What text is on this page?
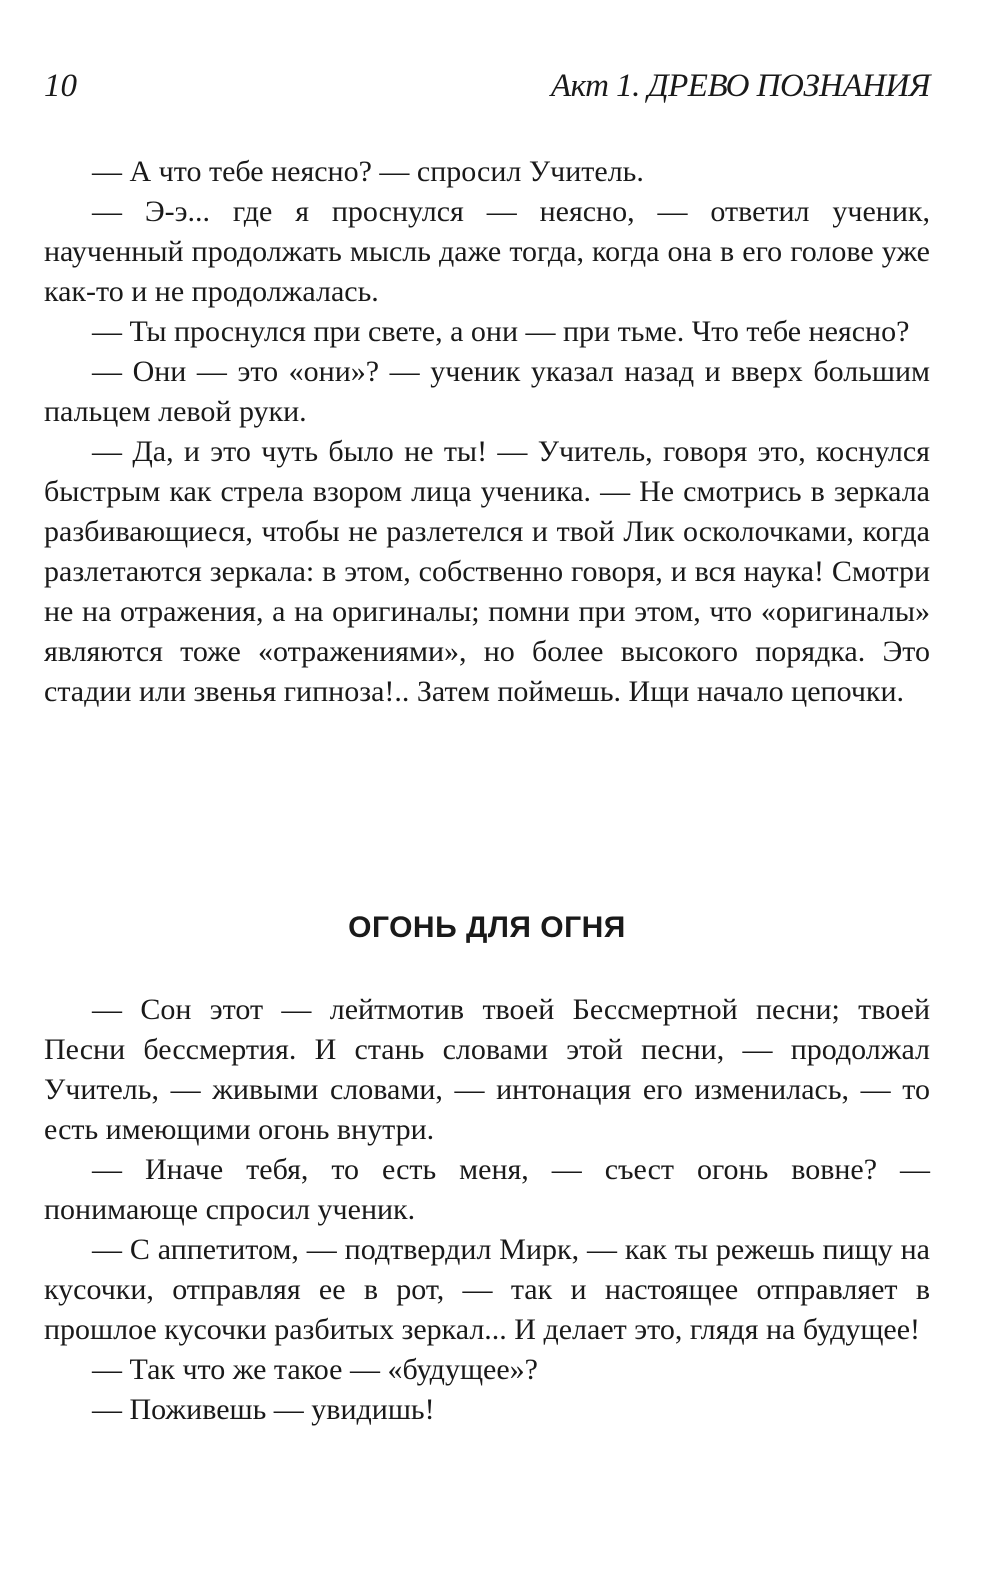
10	Акт 1. ДРЕВО ПОЗНАНИЯ

— А что тебе неясно? — спросил Учитель.

— Э-э... где я проснулся — неясно, — ответил ученик, наученный продолжать мысль даже тогда, когда она в его голове уже как-то и не продолжалась.

— Ты проснулся при свете, а они — при тьме. Что тебе неясно?

— Они — это «они»? — ученик указал назад и вверх большим пальцем левой руки.

— Да, и это чуть было не ты! — Учитель, говоря это, коснулся быстрым как стрела взором лица ученика. — Не смотрись в зеркала разбивающиеся, чтобы не разлетелся и твой Лик осколочками, когда разлетаются зеркала: в этом, собственно говоря, и вся наука! Смотри не на отражения, а на оригиналы; помни при этом, что «оригиналы» являются тоже «отражениями», но более высокого порядка. Это стадии или звенья гипноза!.. Затем поймешь. Ищи начало цепочки.

ОГОНЬ ДЛЯ ОГНЯ

— Сон этот — лейтмотив твоей Бессмертной песни; твоей Песни бессмертия. И стань словами этой песни, — продолжал Учитель, — живыми словами, — интонация его изменилась, — то есть имеющими огонь внутри.

— Иначе тебя, то есть меня, — съест огонь вовне? — понимающе спросил ученик.

— С аппетитом, — подтвердил Мирк, — как ты режешь пищу на кусочки, отправляя ее в рот, — так и настоящее отправляет в прошлое кусочки разбитых зеркал... И делает это, глядя на будущее!

— Так что же такое — «будущее»?

— Поживешь — увидишь!
